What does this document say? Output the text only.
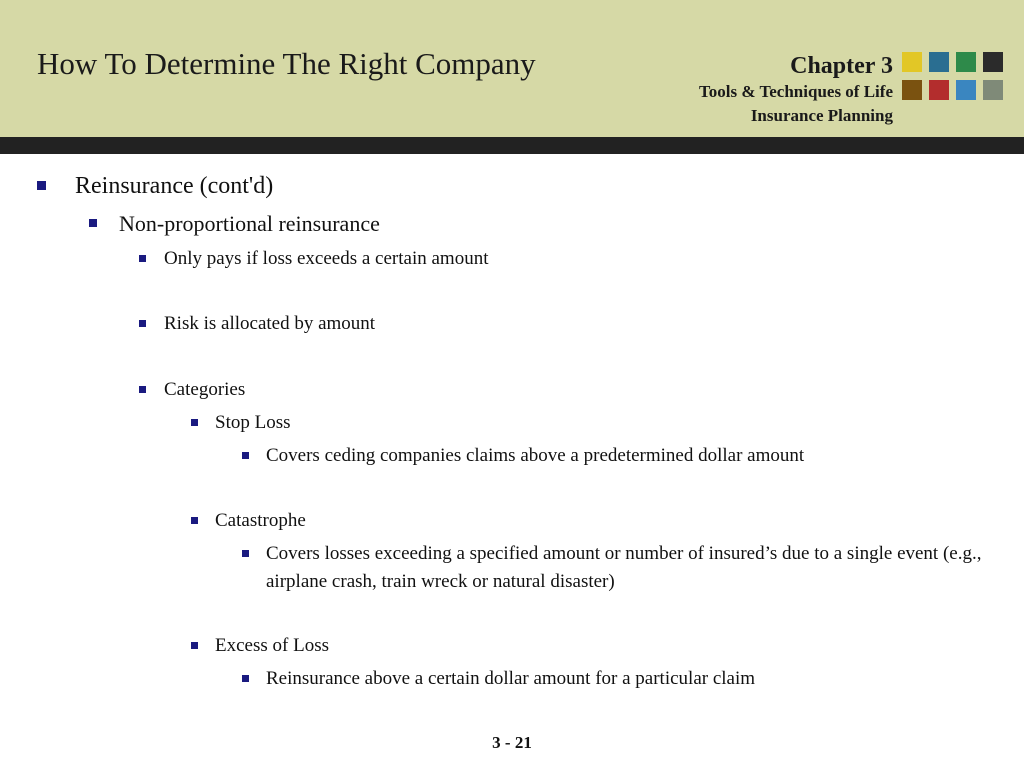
How To Determine The Right Company	Chapter 3
Tools & Techniques of Life
Insurance Planning
Reinsurance (cont'd)
Non-proportional reinsurance
Only pays if loss exceeds a certain amount
Risk is allocated by amount
Categories
Stop Loss
Covers ceding companies claims above a predetermined dollar amount
Catastrophe
Covers losses exceeding a specified amount or number of insured’s due to a single event (e.g., airplane crash, train wreck or natural disaster)
Excess of Loss
Reinsurance above a certain dollar amount for a particular claim
3 - 21
